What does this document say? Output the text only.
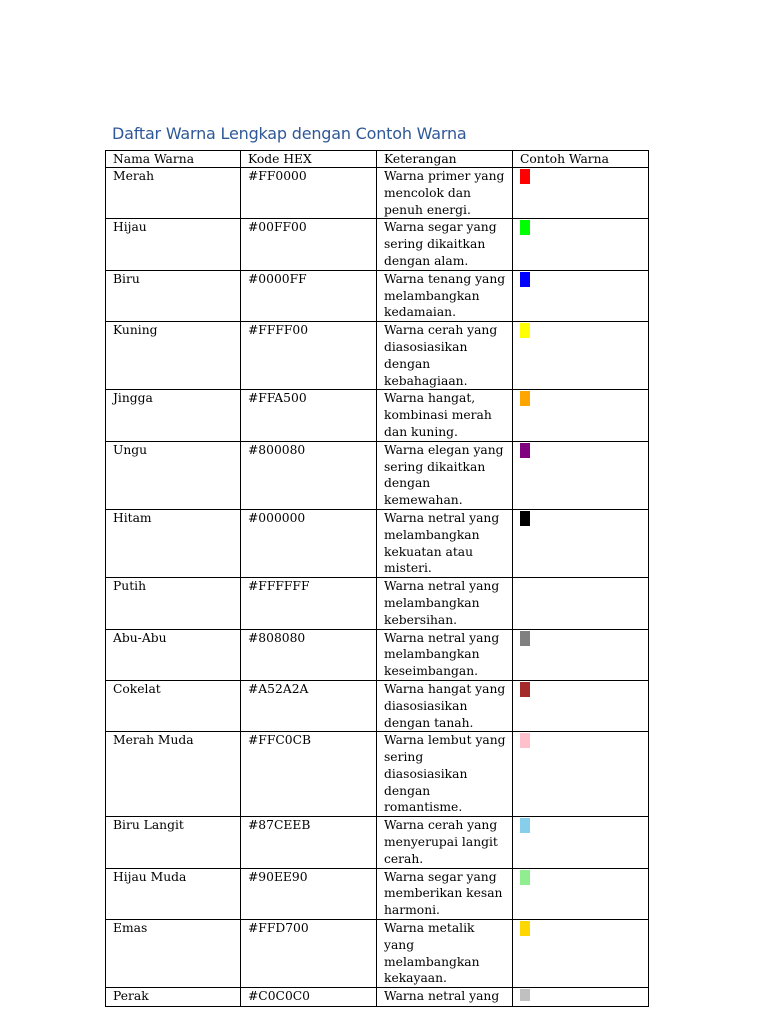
Daftar Warna Lengkap dengan Contoh Warna
Nama Warna	Kode HEX	Keterangan	Contoh Warna
Merah	#FF0000	Warna primer yang
mencolok dan
penuh energi.	

Hijau	#00FF00	Warna segar yang
sering dikaitkan
dengan alam.	

Biru	#0000FF	Warna tenang yang
melambangkan
kedamaian.	

Kuning	#FFFF00	Warna cerah yang
diasosiasikan
dengan
kebahagiaan.	

Jingga	#FFA500	Warna hangat,
kombinasi merah
dan kuning.	

Ungu	#800080	Warna elegan yang
sering dikaitkan
dengan kemewahan.	

Hitam	#000000	Warna netral yang
melambangkan
kekuatan atau
misteri.	

Putih	#FFFFFF	Warna netral yang
melambangkan
kebersihan.	

Abu-Abu	#808080	Warna netral yang
melambangkan
keseimbangan.	

Cokelat	#A52A2A	Warna hangat yang
diasosiasikan
dengan tanah.	

Merah Muda	#FFC0CB	Warna lembut yang
sering diasosiasikan
dengan romantisme.	

Biru Langit	#87CEEB	Warna cerah yang
menyerupai langit
cerah.	

Hijau Muda	#90EE90	Warna segar yang
memberikan kesan
harmoni.	

Emas	#FFD700	Warna metalik yang
melambangkan
kekayaan.	

Perak	#C0C0C0	Warna netral yang	
